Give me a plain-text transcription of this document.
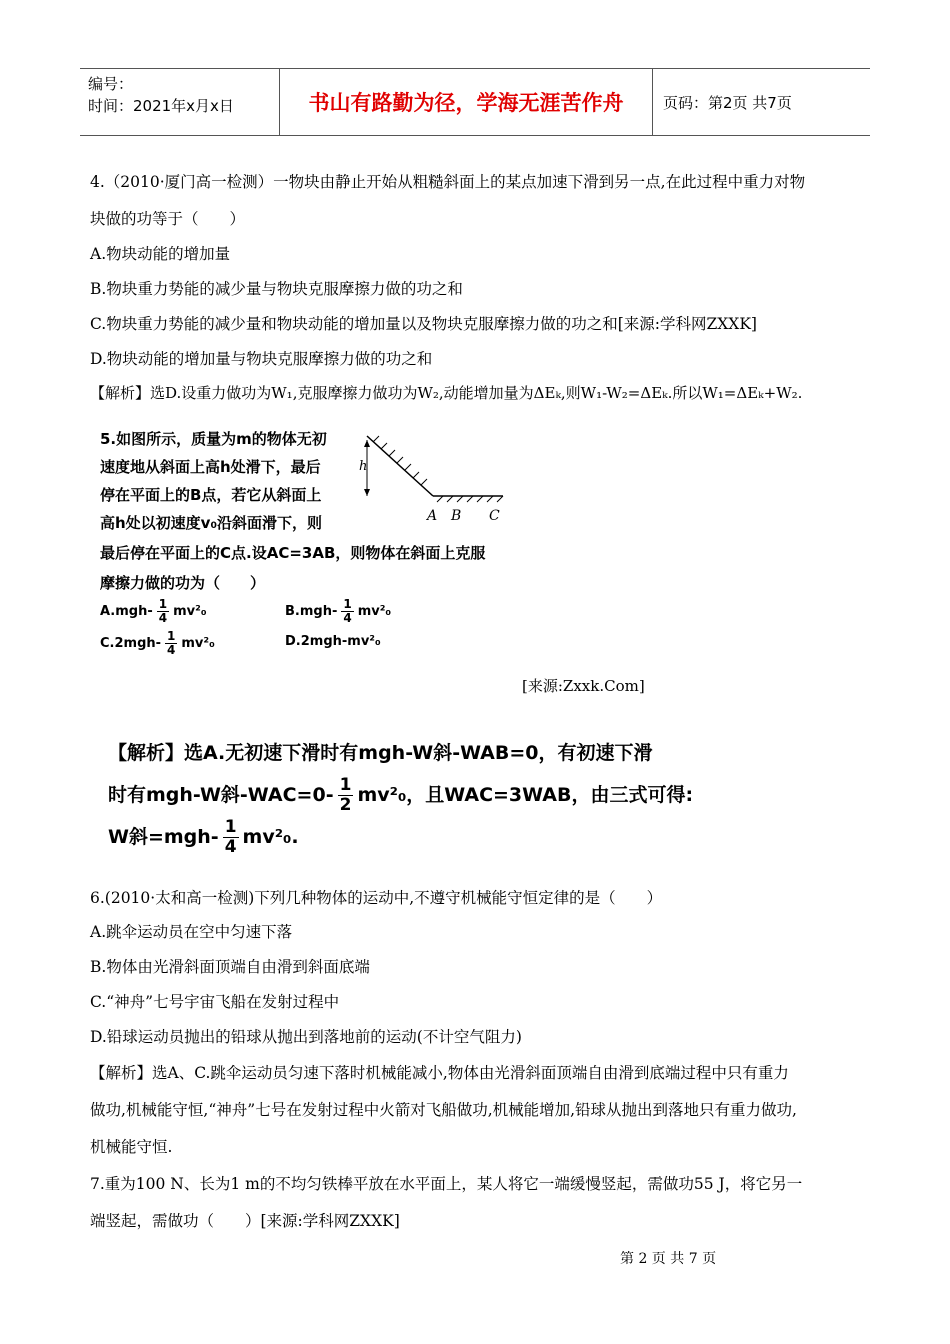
编号：
时间：2021年x月x日	书山有路勤为径，学海无涯苦作舟	页码：第2页 共7页
4.（2010·厦门高一检测）一物块由静止开始从粗糙斜面上的某点加速下滑到另一点,在此过程中重力对物
块做的功等于（　　）
A.物块动能的增加量
B.物块重力势能的减少量与物块克服摩擦力做的功之和
C.物块重力势能的减少量和物块动能的增加量以及物块克服摩擦力做的功之和[来源:学科网ZXXK]
D.物块动能的增加量与物块克服摩擦力做的功之和
【解析】选D.设重力做功为W₁,克服摩擦力做功为W₂,动能增加量为ΔEₖ,则W₁-W₂=ΔEₖ.所以W₁=ΔEₖ+W₂.
5.如图所示，质量为m的物体无初
速度地从斜面上高h处滑下，最后
停在平面上的B点，若它从斜面上
高h处以初速度v₀沿斜面滑下，则
最后停在平面上的C点.设AC=3AB，则物体在斜面上克服
摩擦力做的功为（　　）
h
A B C
$A.mgh- \frac{1}{4} mv^2_0$	$B.mgh- \frac{1}{4} mv^2_0$
$C.2mgh- \frac{1}{4} mv^2_0$	D.2mgh-mv²₀
[来源:Zxxk.Com]
【解析】选A.无初速下滑时有mgh-W斜-WAB=0，有初速下滑
时有mgh-W斜$-WAC=0- \frac{1}{2} mv^2_0$，且WAC=3WAB，由三式可得:
W斜$=mgh- \frac{1}{4} mv^2_0$.
6.(2010·太和高一检测)下列几种物体的运动中,不遵守机械能守恒定律的是（　　）
A.跳伞运动员在空中匀速下落
B.物体由光滑斜面顶端自由滑到斜面底端
C.“神舟”七号宇宙飞船在发射过程中
D.铅球运动员抛出的铅球从抛出到落地前的运动(不计空气阻力)
【解析】选A、C.跳伞运动员匀速下落时机械能减小,物体由光滑斜面顶端自由滑到底端过程中只有重力
做功,机械能守恒,“神舟”七号在发射过程中火箭对飞船做功,机械能增加,铅球从抛出到落地只有重力做功,
机械能守恒.
7.重为100 N、长为1 m的不均匀铁棒平放在水平面上，某人将它一端缓慢竖起，需做功55 J，将它另一
端竖起，需做功（　　）[来源:学科网ZXXK]
第 2 页 共 7 页
